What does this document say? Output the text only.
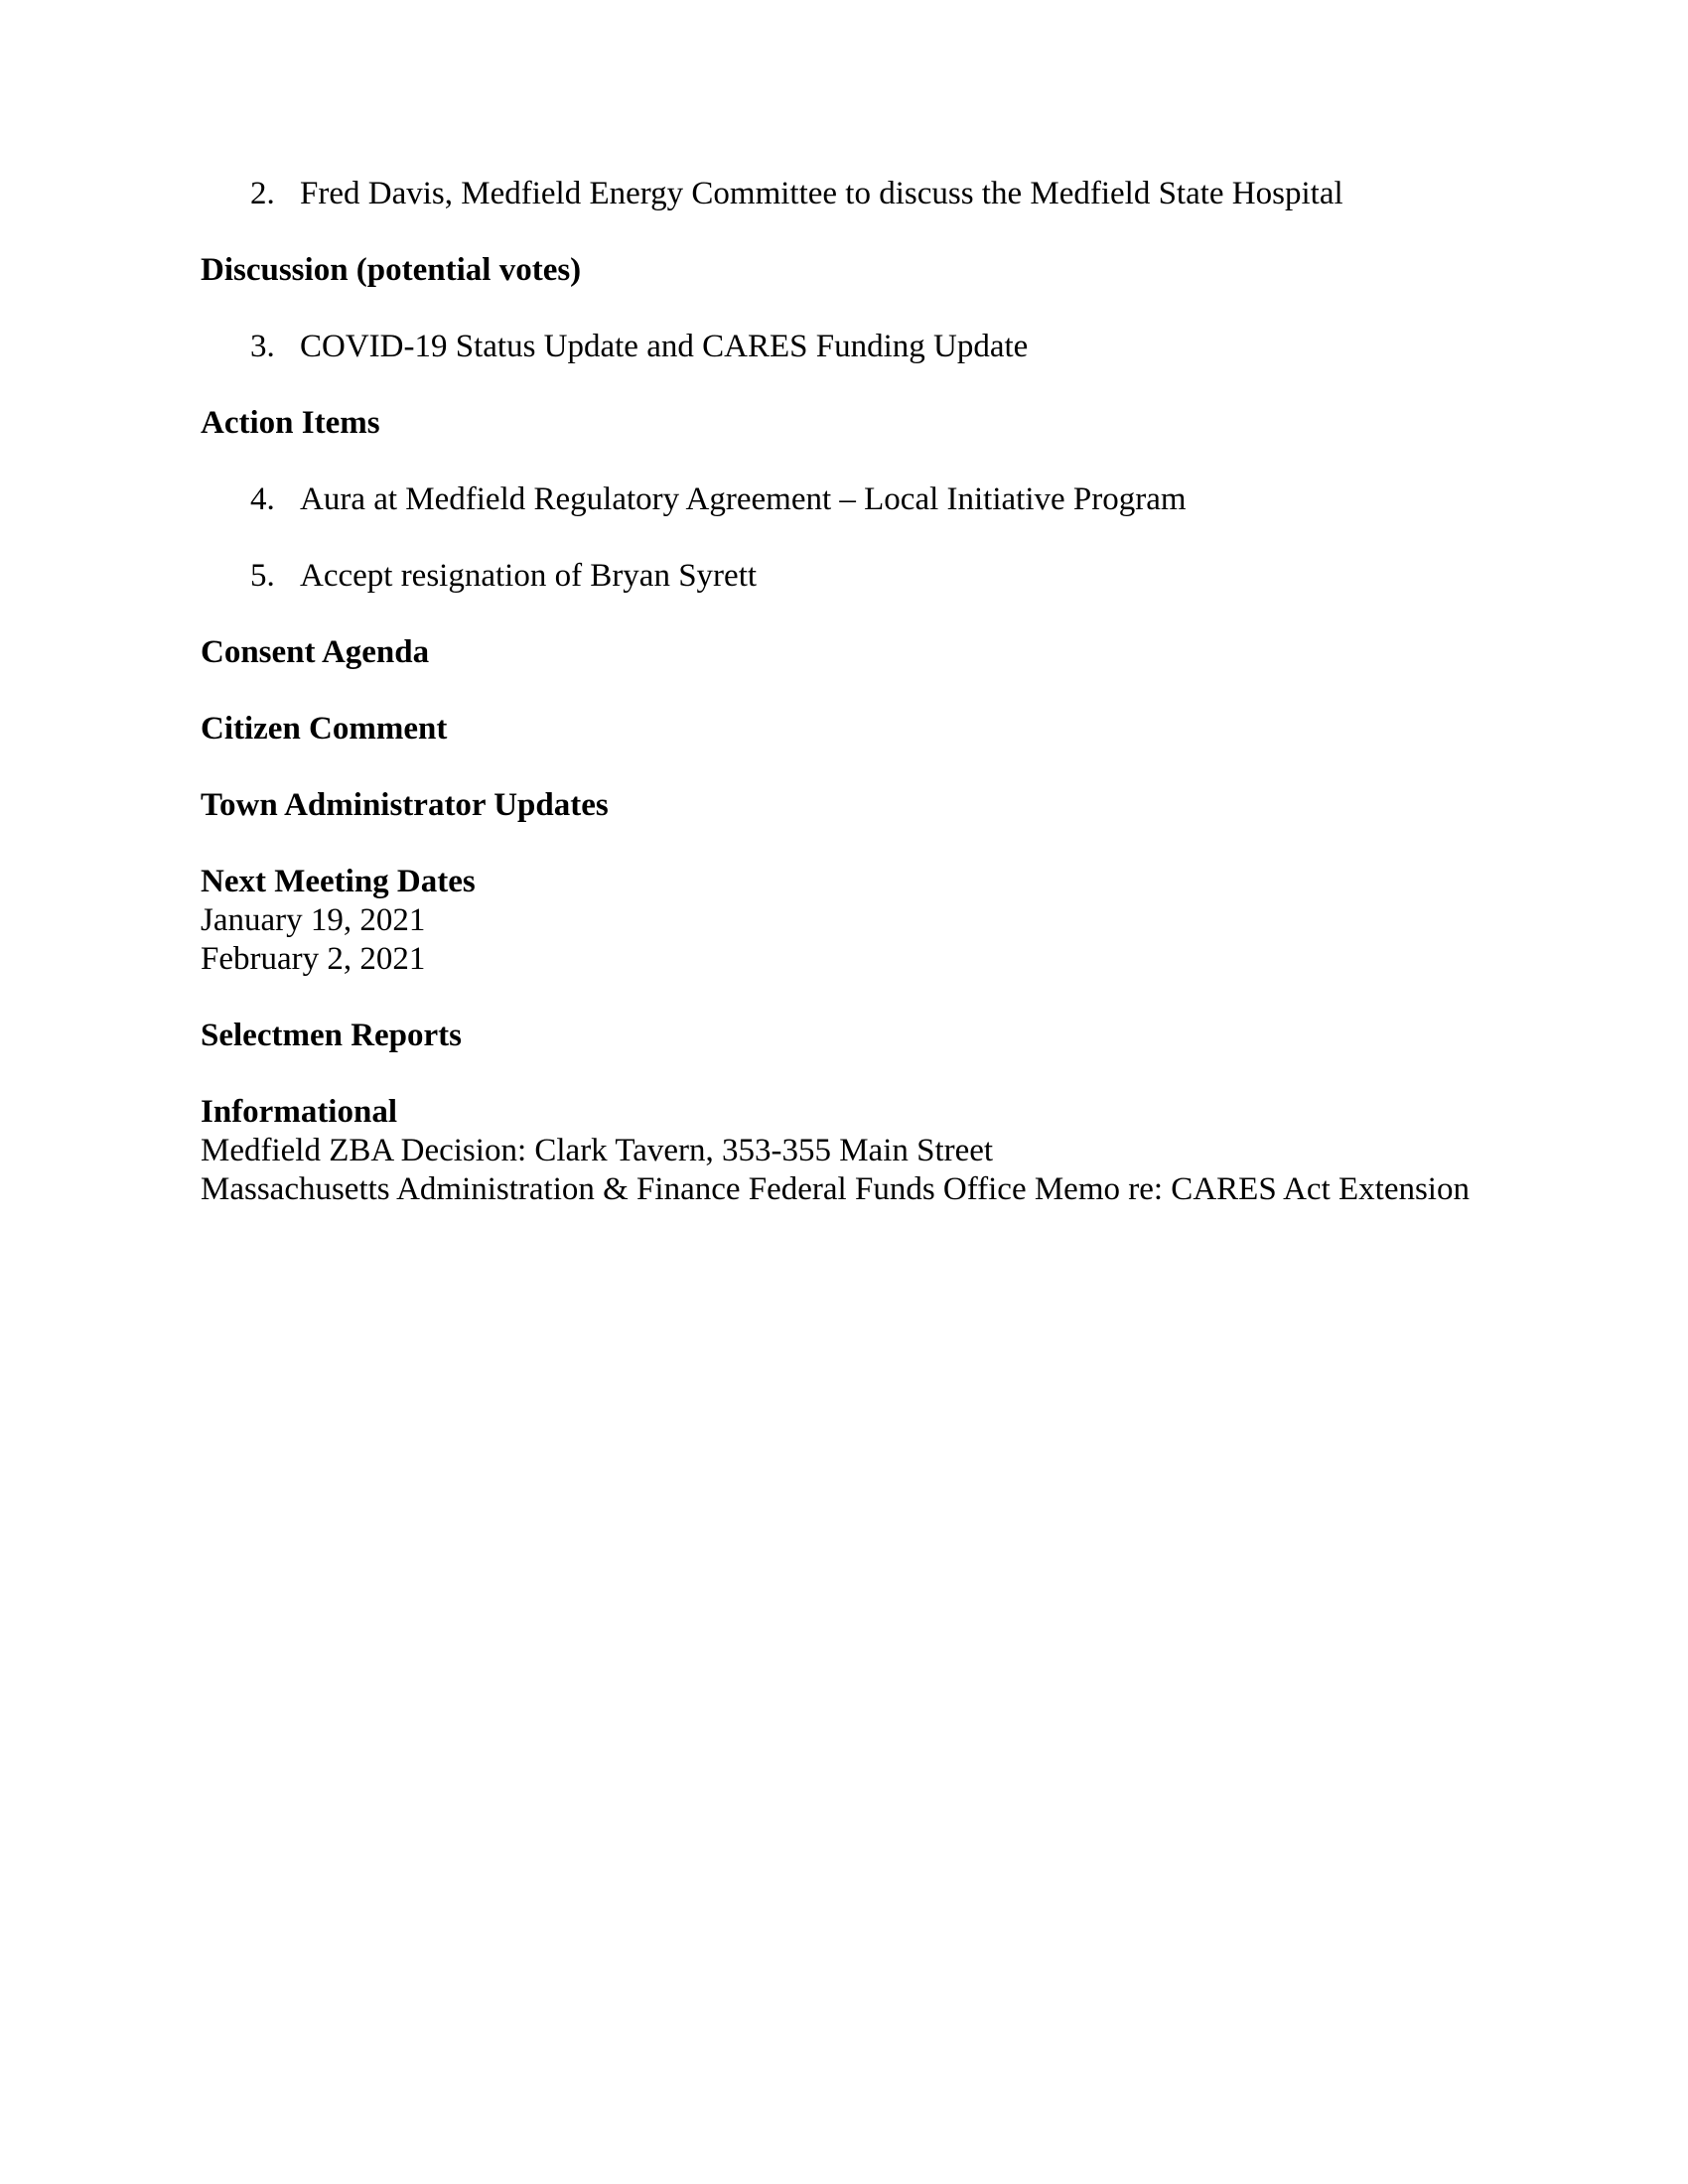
2. Fred Davis, Medfield Energy Committee to discuss the Medfield State Hospital

Discussion (potential votes)

3. COVID-19 Status Update and CARES Funding Update

Action Items

4. Aura at Medfield Regulatory Agreement – Local Initiative Program
5. Accept resignation of Bryan Syrett

Consent Agenda

Citizen Comment

Town Administrator Updates

Next Meeting Dates

January 19, 2021

February 2, 2021

Selectmen Reports

Informational

Medfield ZBA Decision: Clark Tavern, 353-355 Main Street

Massachusetts Administration & Finance Federal Funds Office Memo re: CARES Act Extension
